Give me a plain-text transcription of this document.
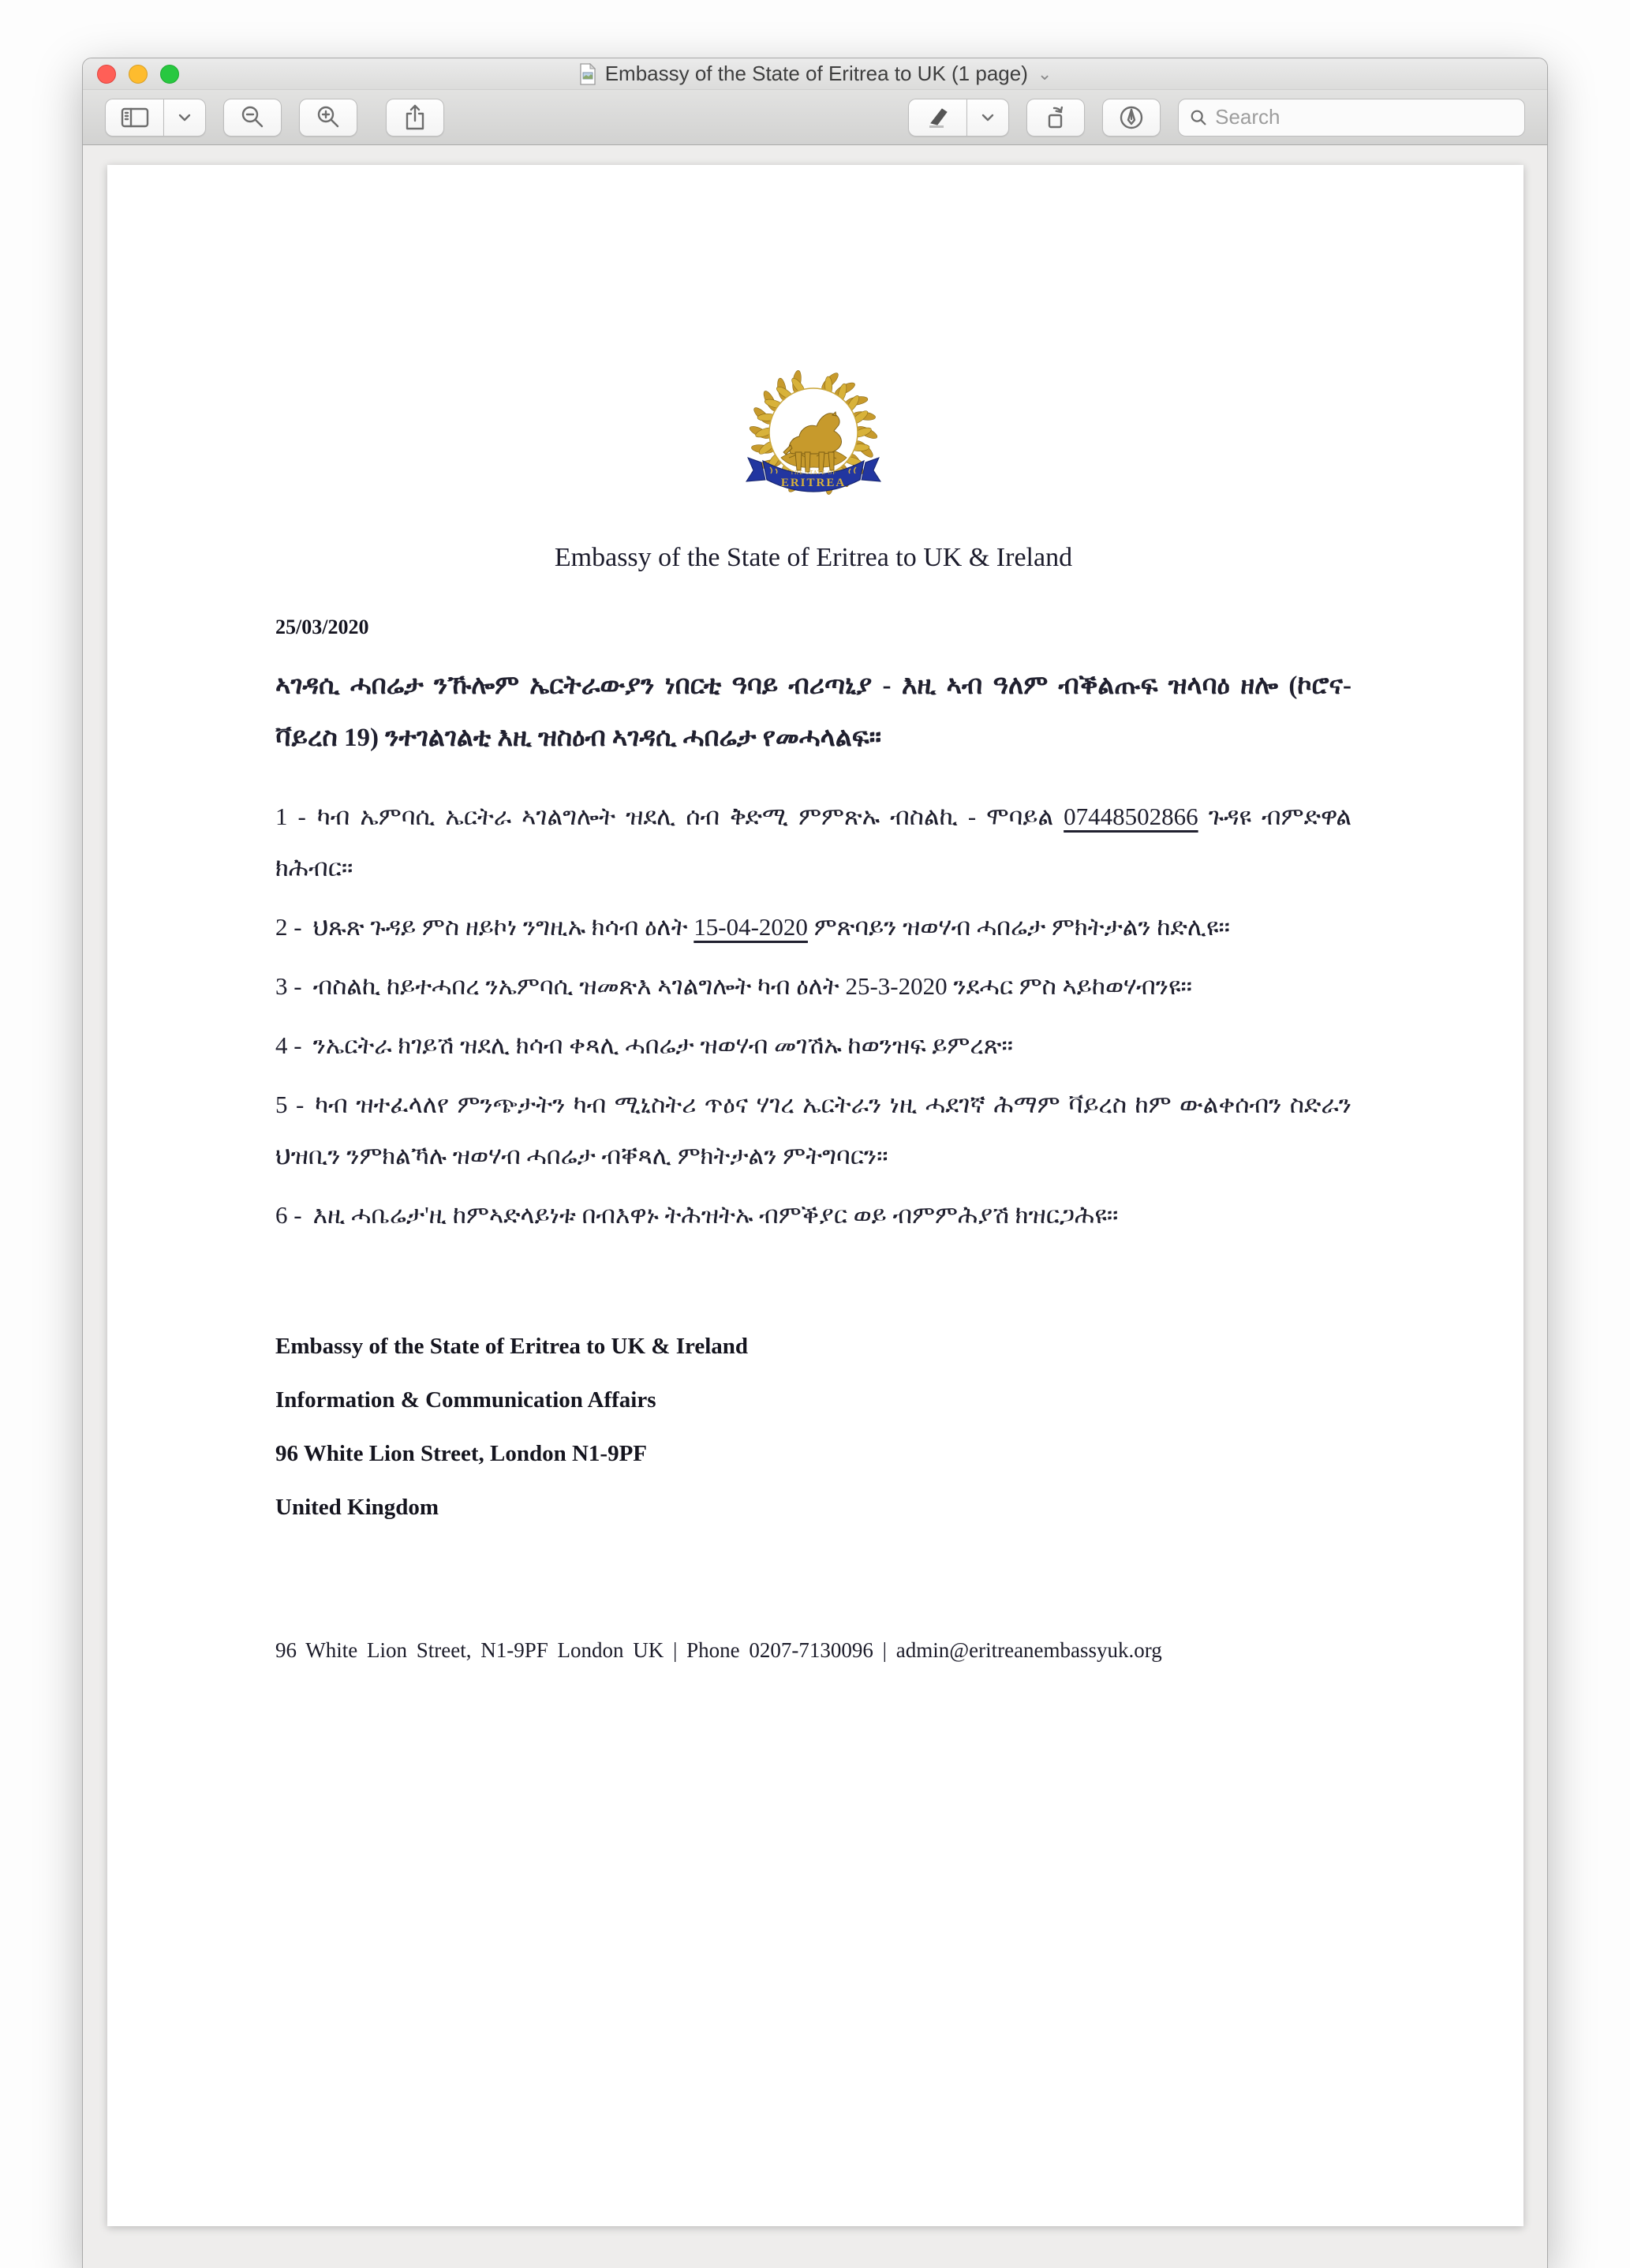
Embassy of the State of Eritrea to UK (1 page) ⌄
Search
THE STATE OF
ERITREA
Embassy of the State of Eritrea to UK & Ireland
25/03/2020
ኣገዳሲ ሓበሬታ ንኹሎም ኤርትራውያን ነበርቲ ዓባይ ብሪጣኒያ - እዚ ኣብ ዓለም ብቕልጡፍ ዝላባዕ ዘሎ (ኮሮና-ቫይረስ 19) ንተገልገልቲ እዚ ዝስዕብ ኣገዳሲ ሓበሬታ የመሓላልፍ።
1 - ካብ ኤምባሲ ኤርትራ ኣገልግሎት ዝደሊ ሰብ ቅድሚ ምምጽኡ ብስልኪ - ሞባይል 07448502866 ጉዳዩ ብምድዋል ክሕብር።
2 - ህጹጽ ጉዳይ ምስ ዘይኮነ ንግዚኡ ክሳብ ዕለት 15-04-2020 ምጽባይን ዝወሃብ ሓበሬታ ምክትታልን ከድሊዩ።
3 - ብስልኪ ከይተሓበረ ንኤምባሲ ዝመጽእ ኣገልግሎት ካብ ዕለት 25-3-2020 ንደሓር ምስ ኣይከወሃብንዩ።
4 - ንኤርትራ ክገይሽ ዝደሊ ክሳብ ቀጻሊ ሓበሬታ ዝወሃብ መገሽኡ ከወንዝፍ ይምረጽ።
5 - ካብ ዝተፈላለየ ምንጭታትን ካብ ሚኒስትሪ ጥዕና ሃገረ ኤርትራን ነዚ ሓደገኛ ሕማም ቫይረስ ከም ውልቀሰብን ስድራን ህዝቢን ንምክልኻሉ ዝወሃብ ሓበሬታ ብቐጻሊ ምክትታልን ምትግባርን።
6 - እዚ ሓቤሬታ'ዚ ከምኣድላይነቱ በብእዋኑ ትሕዝትኡ ብምቕያር ወይ ብምምሕያሽ ክዝርጋሕዩ።
Embassy of the State of Eritrea to UK & Ireland
Information & Communication Affairs
96 White Lion Street, London N1-9PF
United Kingdom
96 White Lion Street, N1-9PF London UK | Phone 0207-7130096 | admin@eritreanembassyuk.org
